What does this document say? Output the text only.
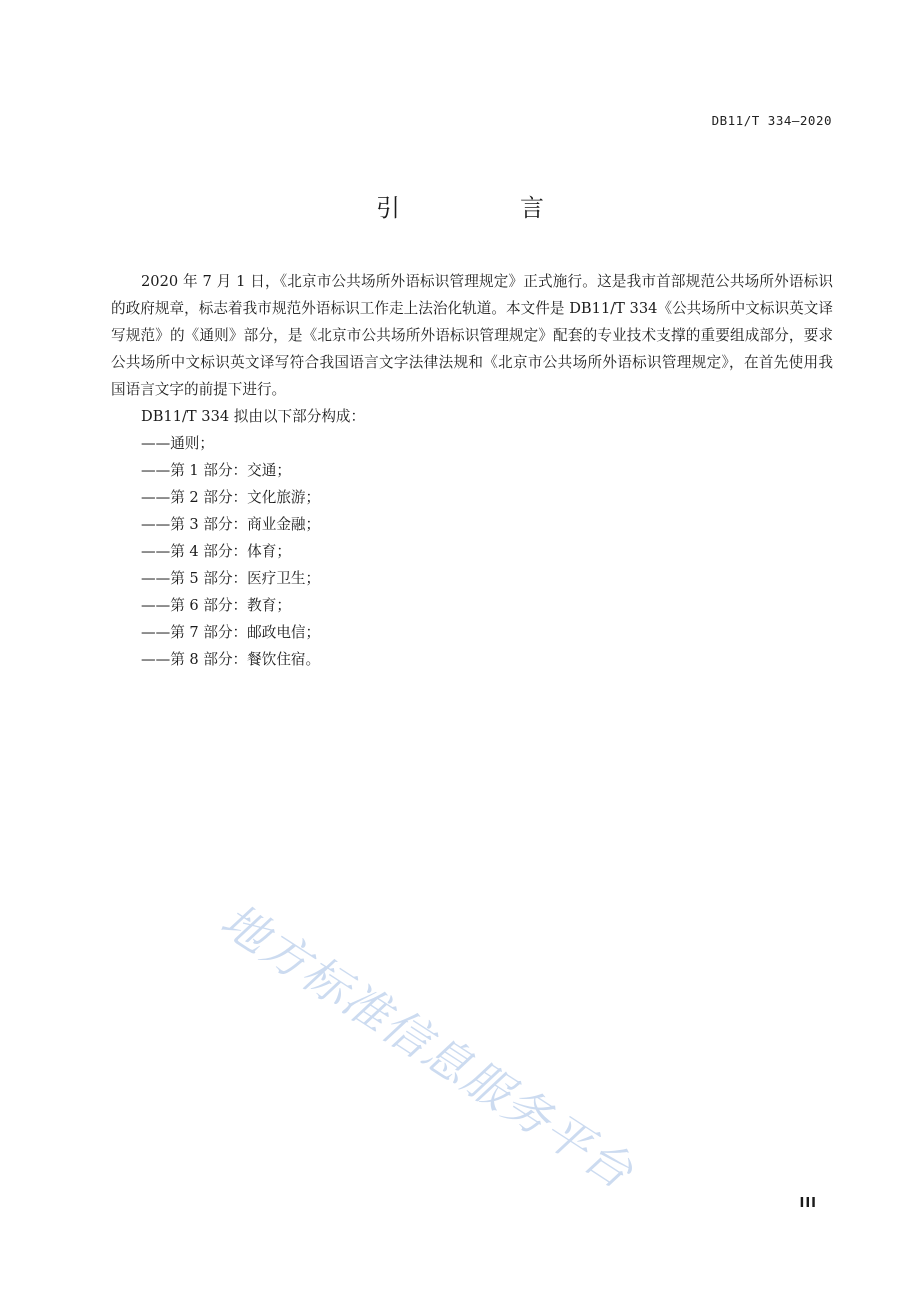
DB11/T 334—2020
引　言

2020 年 7 月 1 日，《北京市公共场所外语标识管理规定》正式施行。这是我市首部规范公共场所外语标识的政府规章，标志着我市规范外语标识工作走上法治化轨道。本文件是 DB11/T 334《公共场所中文标识英文译写规范》的《通则》部分，是《北京市公共场所外语标识管理规定》配套的专业技术支撑的重要组成部分，要求公共场所中文标识英文译写符合我国语言文字法律法规和《北京市公共场所外语标识管理规定》，在首先使用我国语言文字的前提下进行。

DB11/T 334 拟由以下部分构成：

——通则；
——第 1 部分：交通；
——第 2 部分：文化旅游；
——第 3 部分：商业金融；
——第 4 部分：体育；
——第 5 部分：医疗卫生；
——第 6 部分：教育；
——第 7 部分：邮政电信；
——第 8 部分：餐饮住宿。
地方标准信息服务平台
III
